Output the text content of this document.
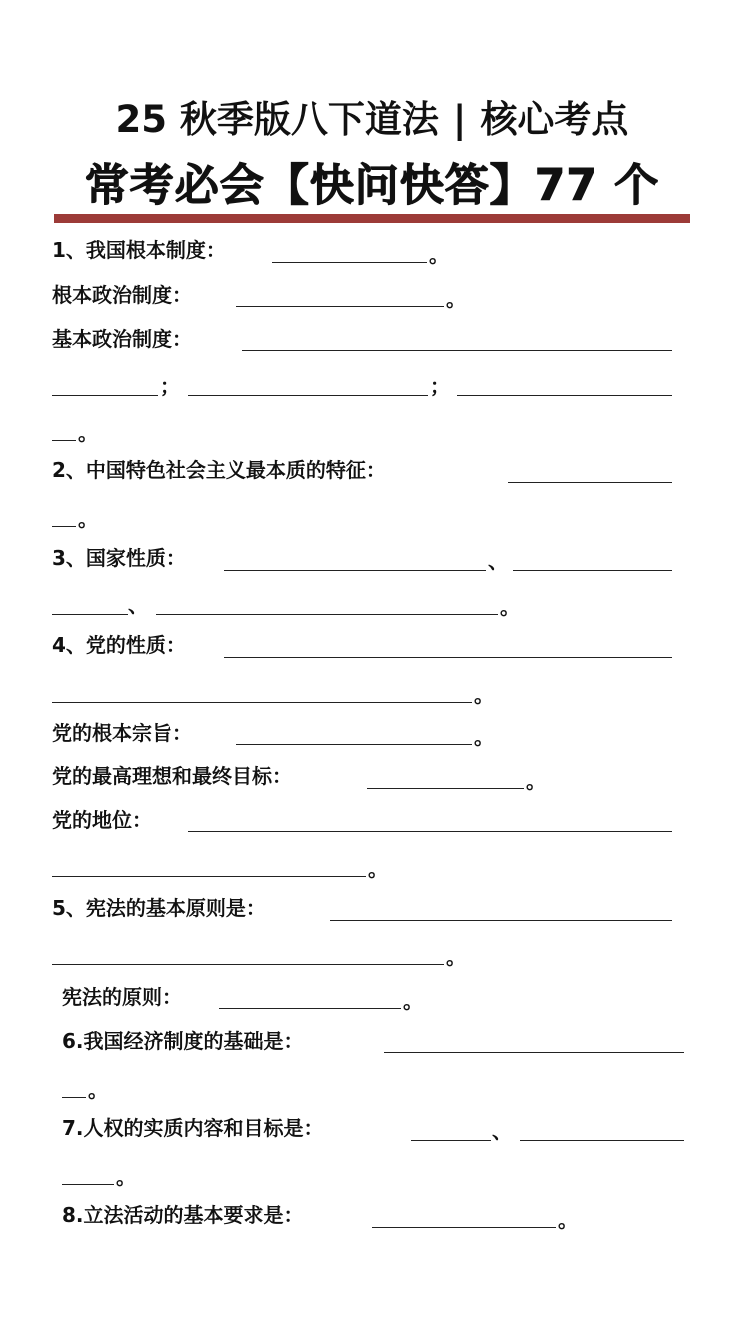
25 秋季版八下道法 | 核心考点
常考必会【快问快答】77 个
1、我国根本制度：	。
根本政治制度：	。
基本政治制度：
；	；
。
2、中国特色社会主义最本质的特征：
。
3、国家性质：	、
、	。
4、党的性质：
。
党的根本宗旨：	。
党的最高理想和最终目标：	。
党的地位：
。
5、宪法的基本原则是：
。
宪法的原则：	。
6.我国经济制度的基础是：
。
7.人权的实质内容和目标是：	、
。
8.立法活动的基本要求是：	。
